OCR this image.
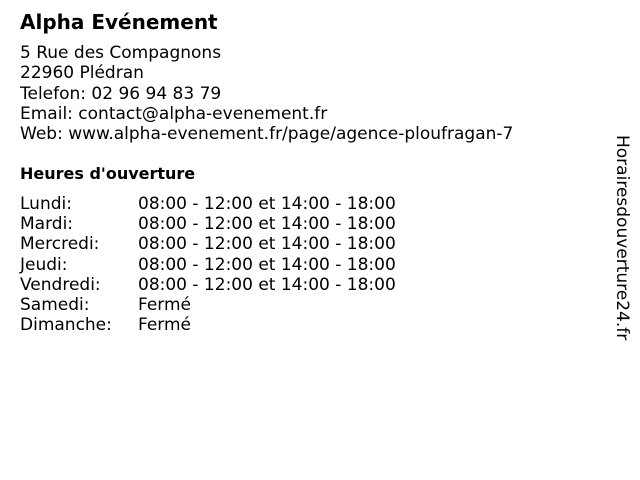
Alpha Evénement
5 Rue des Compagnons
22960 Plédran
Telefon: 02 96 94 83 79
Email: contact@alpha-evenement.fr
Web: www.alpha-evenement.fr/page/agence-ploufragan-7
Heures d'ouverture
Lundi:	08:00 - 12:00 et 14:00 - 18:00
Mardi:	08:00 - 12:00 et 14:00 - 18:00
Mercredi:	08:00 - 12:00 et 14:00 - 18:00
Jeudi:	08:00 - 12:00 et 14:00 - 18:00
Vendredi:	08:00 - 12:00 et 14:00 - 18:00
Samedi:	Fermé
Dimanche:	Fermé	Horairesdouverture24.fr
